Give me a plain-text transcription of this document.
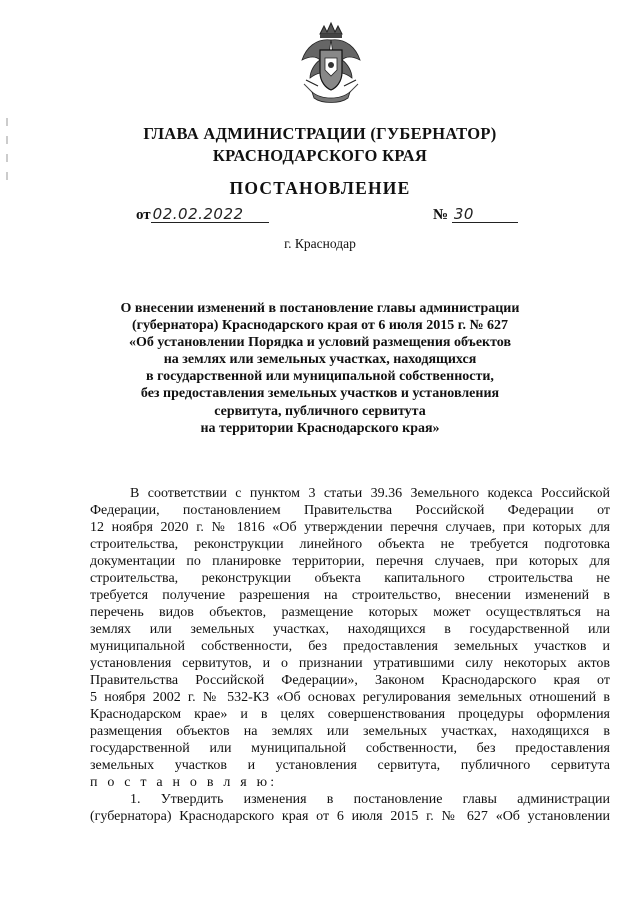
• • •
ГЛАВА АДМИНИСТРАЦИИ (ГУБЕРНАТОР)
КРАСНОДАРСКОГО КРАЯ
ПОСТАНОВЛЕНИЕ
от 02.02.2022	№ 30
г. Краснодар
О внесении изменений в постановление главы администрации
(губернатора) Краснодарского края от 6 июля 2015 г. № 627
«Об установлении Порядка и условий размещения объектов
на землях или земельных участках, находящихся
в государственной или муниципальной собственности,
без предоставления земельных участков и установления
сервитута, публичного сервитута
на территории Краснодарского края»
В соответствии с пунктом 3 статьи 39.36 Земельного кодекса Российской
Федерации, постановлением Правительства Российской Федерации от
12 ноября 2020 г. № 1816 «Об утверждении перечня случаев, при которых для
строительства, реконструкции линейного объекта не требуется подготовка
документации по планировке территории, перечня случаев, при которых для
строительства, реконструкции объекта капитального строительства не
требуется получение разрешения на строительство, внесении изменений в
перечень видов объектов, размещение которых может осуществляться на
землях или земельных участках, находящихся в государственной или
муниципальной собственности, без предоставления земельных участков и
установления сервитутов, и о признании утратившими силу некоторых актов
Правительства Российской Федерации», Законом Краснодарского края от
5 ноября 2002 г. № 532-КЗ «Об основах регулирования земельных отношений в
Краснодарском крае» и в целях совершенствования процедуры оформления
размещения объектов на землях или земельных участках, находящихся в
государственной или муниципальной собственности, без предоставления
земельных участков и установления сервитута, публичного сервитута
п о с т а н о в л я ю:
1. Утвердить изменения в постановление главы администрации
(губернатора) Краснодарского края от 6 июля 2015 г. № 627 «Об установлении
